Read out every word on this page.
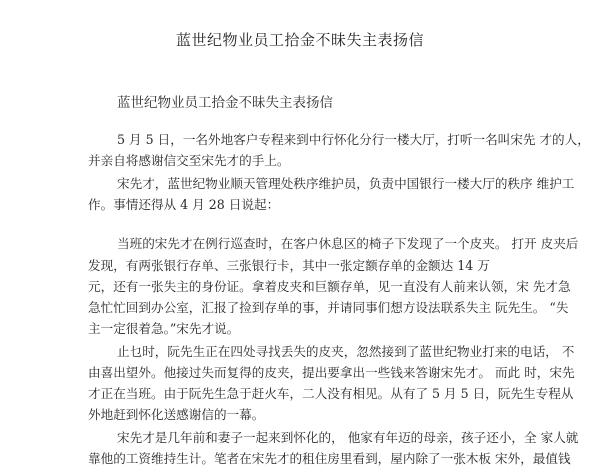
蓝世纪物业员工拾金不昧失主表扬信
蓝世纪物业员工拾金不昧失主表扬信
5 月 5 日，一名外地客户专程来到中行怀化分行一楼大厅，打听一名叫宋先 才的人，
并亲自将感谢信交至宋先才的手上。
宋先才，蓝世纪物业顺天管理处秩序维护员，负责中国银行一楼大厅的秩序 维护工
作。事情还得从 4 月 28 日说起：
当班的宋先才在例行巡查时，在客户休息区的椅子下发现了一个皮夹。 打开 皮夹后
发现，有两张银行存单、三张银行卡，其中一张定额存单的金额达 14 万
元，还有一张失主的身份证。拿着皮夹和巨额存单，见一直没有人前来认领，宋 先才急
急忙忙回到办公室，汇报了捡到存单的事，并请同事们想方设法联系失主 阮先生。 “失
主一定很着急。”宋先才说。
止乜时，阮先生正在四处寻找丢失的皮夹，忽然接到了蓝世纪物业打来的电话， 不
由喜出望外。他接过失而复得的皮夹，提出要拿出一些钱来答谢宋先才。 而此 时，宋先
才正在当班。由于阮先生急于赶火车，二人没有相见。从有了 5 月 5 日，阮先生专程从
外地赶到怀化送感谢信的一幕。
宋先才是几年前和妻子一起来到怀化的， 他家有年迈的母亲，孩子还小，全 家人就
靠他的工资维持生计。笔者在宋先才的租住房里看到，屋内除了一张木板 宋外，最值钱
